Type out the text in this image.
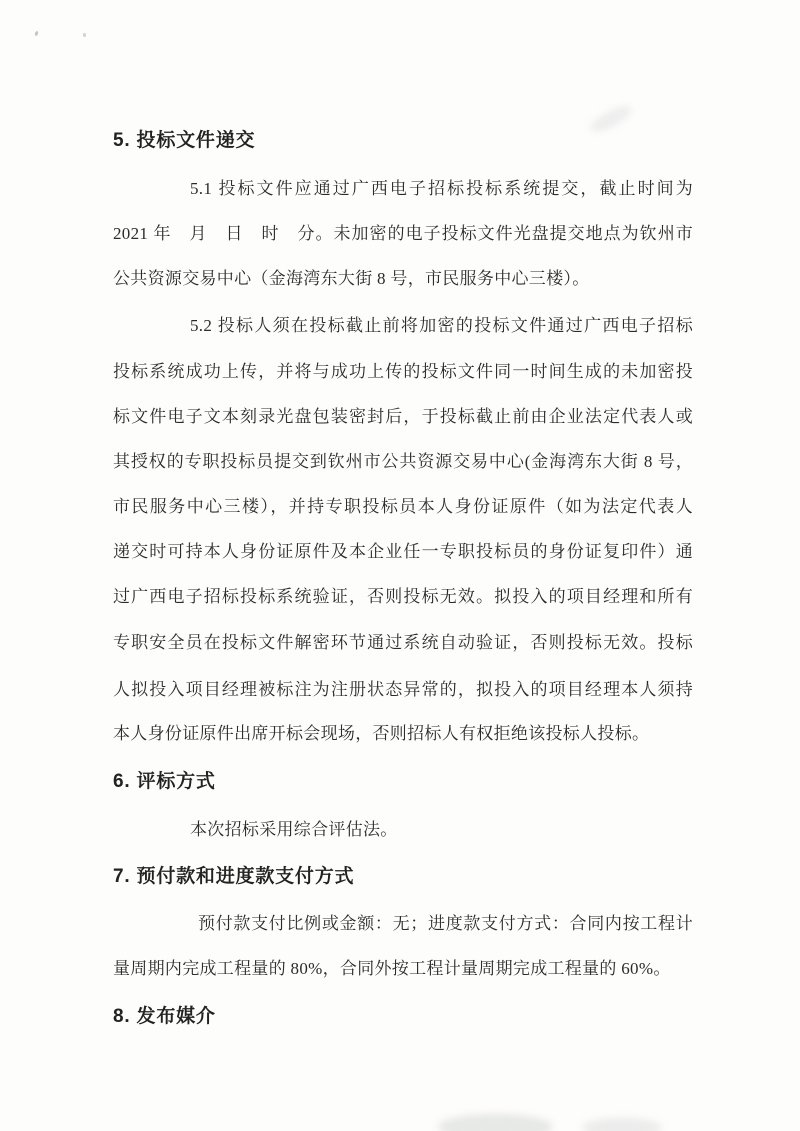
5. 投标文件递交
5.1 投标文件应通过广西电子招标投标系统提交，截止时间为
2021 年　月　日　时　分。未加密的电子投标文件光盘提交地点为钦州市
公共资源交易中心（金海湾东大街 8 号，市民服务中心三楼）。
5.2 投标人须在投标截止前将加密的投标文件通过广西电子招标
投标系统成功上传，并将与成功上传的投标文件同一时间生成的未加密投
标文件电子文本刻录光盘包装密封后，于投标截止前由企业法定代表人或
其授权的专职投标员提交到钦州市公共资源交易中心(金海湾东大街 8 号，
市民服务中心三楼），并持专职投标员本人身份证原件（如为法定代表人
递交时可持本人身份证原件及本企业任一专职投标员的身份证复印件）通
过广西电子招标投标系统验证，否则投标无效。拟投入的项目经理和所有
专职安全员在投标文件解密环节通过系统自动验证，否则投标无效。投标
人拟投入项目经理被标注为注册状态异常的，拟投入的项目经理本人须持
本人身份证原件出席开标会现场，否则招标人有权拒绝该投标人投标。
6. 评标方式
本次招标采用综合评估法。
7. 预付款和进度款支付方式
预付款支付比例或金额：无；进度款支付方式：合同内按工程计
量周期内完成工程量的 80%，合同外按工程计量周期完成工程量的 60%。
8. 发布媒介
